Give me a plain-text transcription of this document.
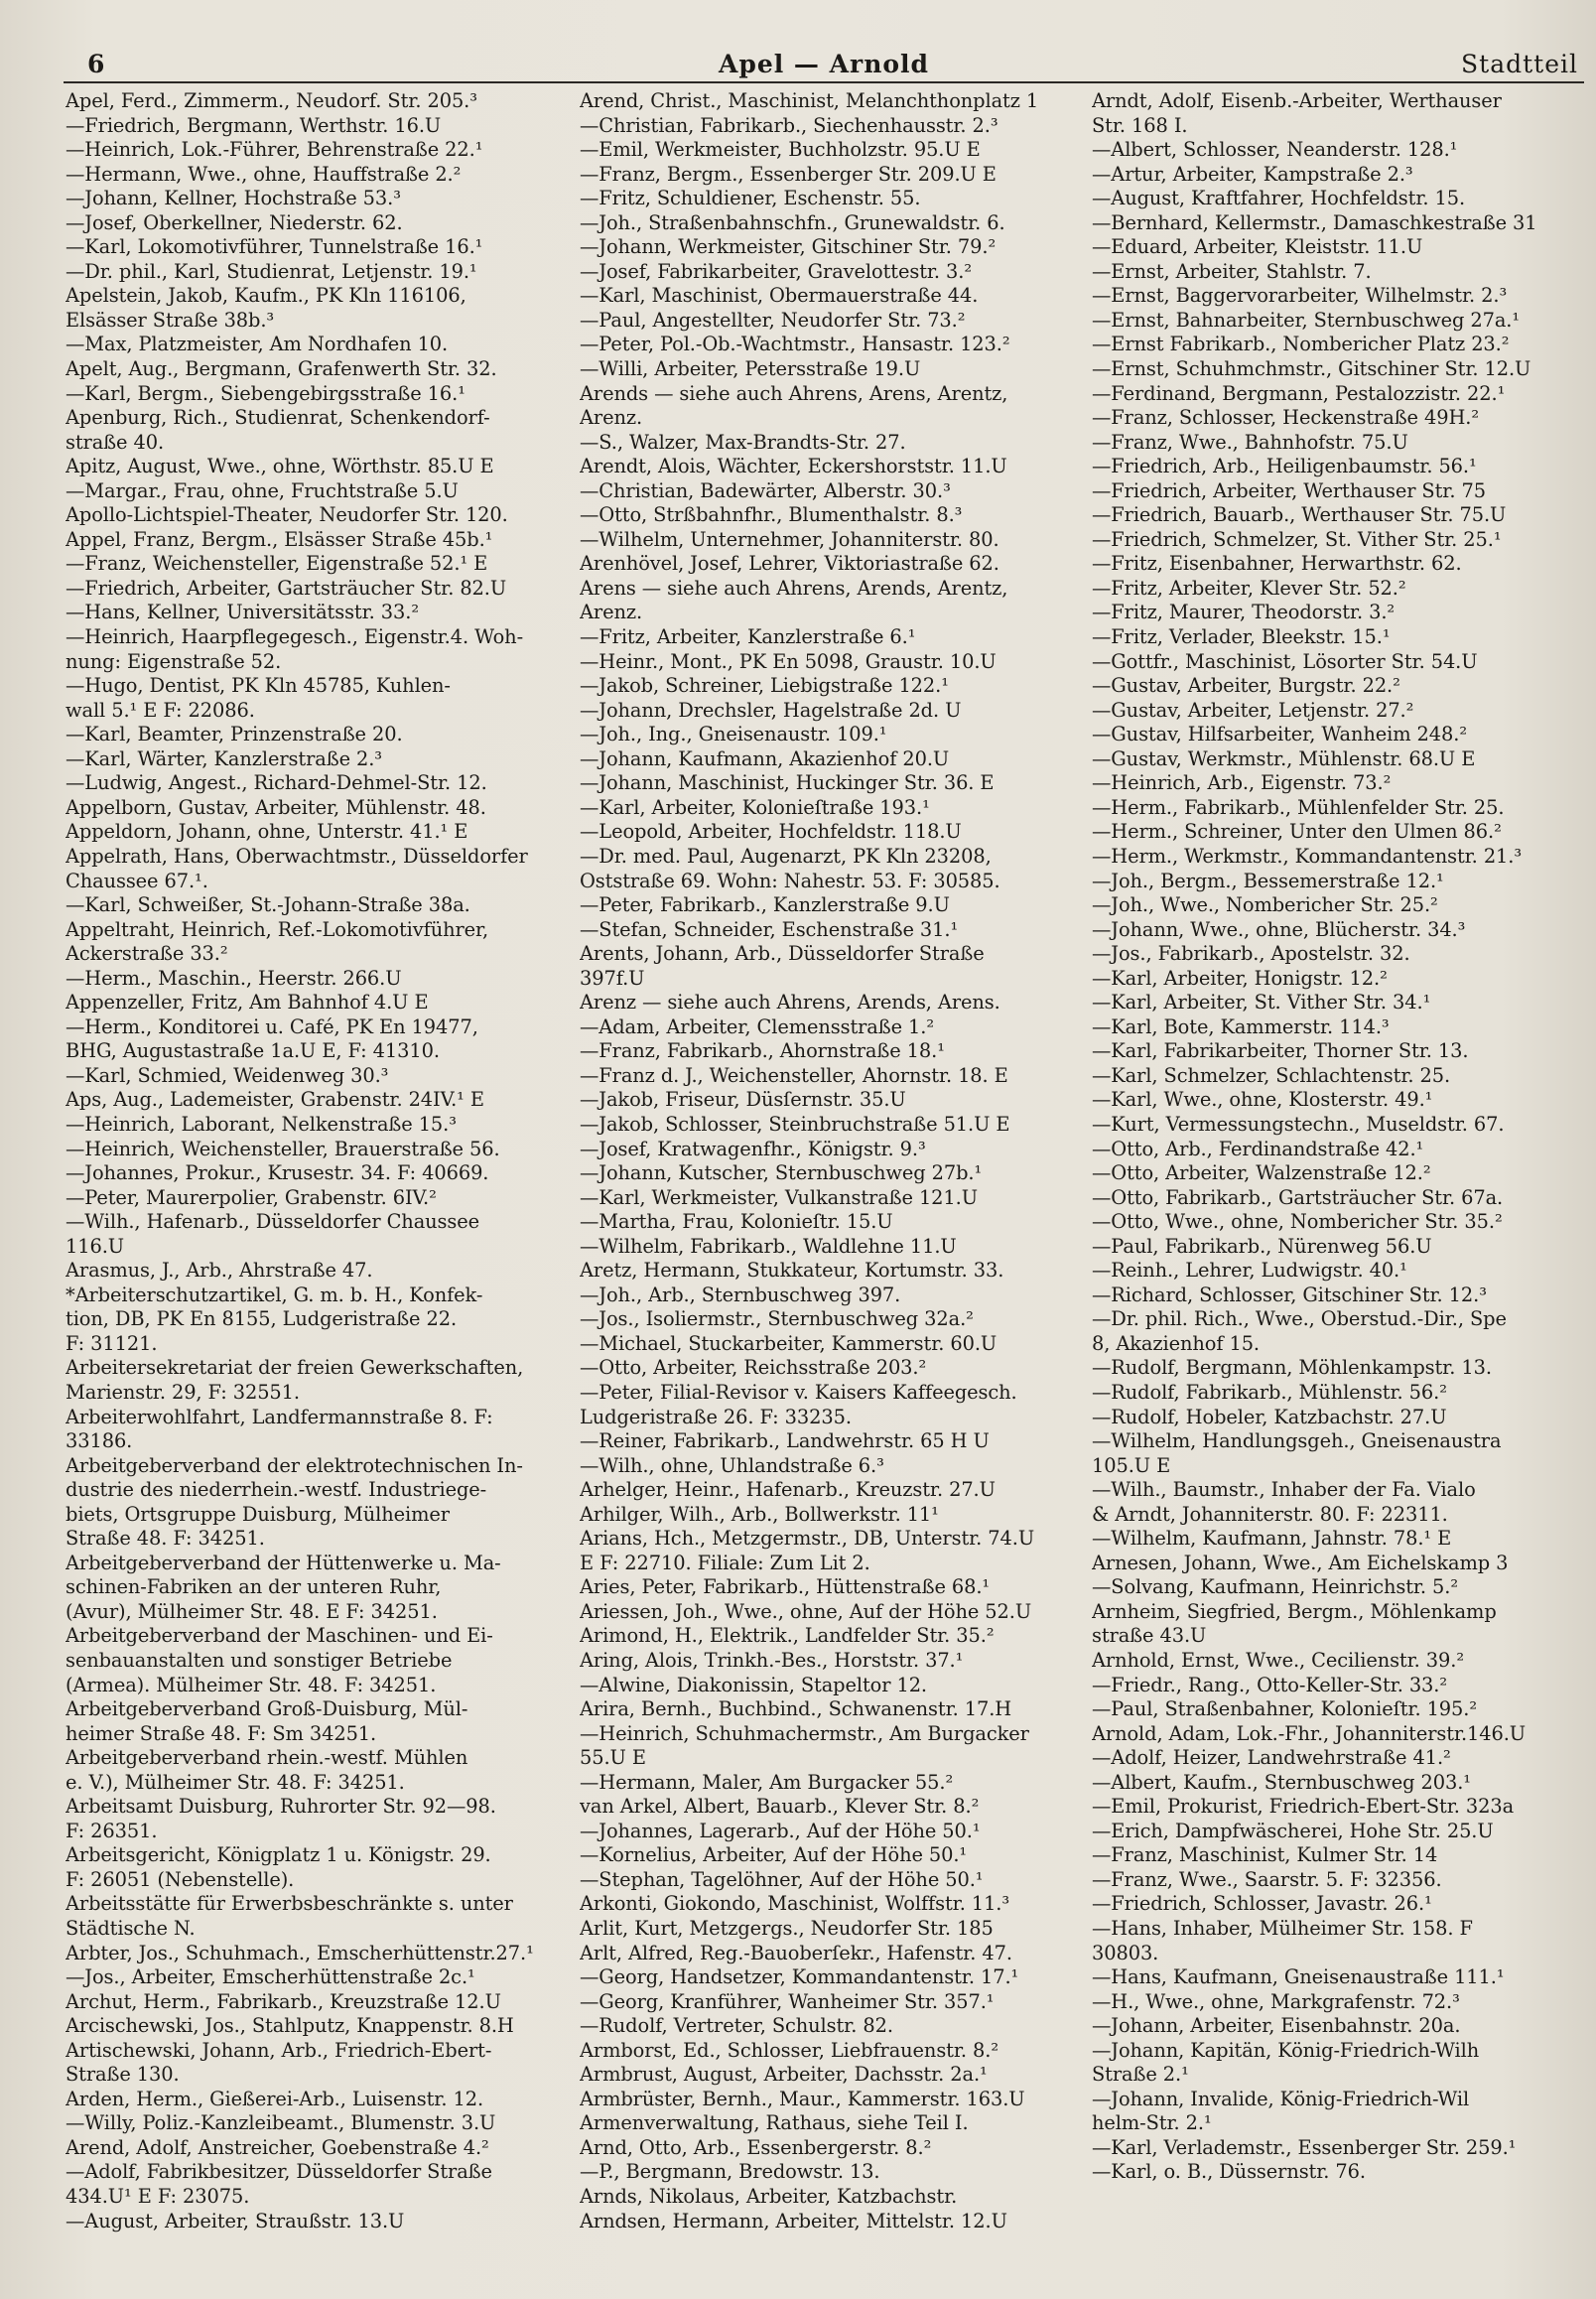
6	Apel — Arnold	Stadtteil
Apel, Ferd., Zimmerm., Neudorf. Str. 205.³
—Friedrich, Bergmann, Werthstr. 16.U
—Heinrich, Lok.-Führer, Behrenstraße 22.¹
—Hermann, Wwe., ohne, Hauffstraße 2.²
—Johann, Kellner, Hochstraße 53.³
—Josef, Oberkellner, Niederstr. 62.
—Karl, Lokomotivführer, Tunnelstraße 16.¹
—Dr. phil., Karl, Studienrat, Letjenstr. 19.¹
Apelstein, Jakob, Kaufm., PK Kln 116106,
Elsässer Straße 38b.³
—Max, Platzmeister, Am Nordhafen 10.
Apelt, Aug., Bergmann, Grafenwerth Str. 32.
—Karl, Bergm., Siebengebirgsstraße 16.¹
Apenburg, Rich., Studienrat, Schenkendorf-
straße 40.
Apitz, August, Wwe., ohne, Wörthstr. 85.U E
—Margar., Frau, ohne, Fruchtstraße 5.U
Apollo-Lichtspiel-Theater, Neudorfer Str. 120.
Appel, Franz, Bergm., Elsässer Straße 45b.¹
—Franz, Weichensteller, Eigenstraße 52.¹ E
—Friedrich, Arbeiter, Gartsträucher Str. 82.U
—Hans, Kellner, Universitätsstr. 33.²
—Heinrich, Haarpflegegesch., Eigenstr.4. Woh-
nung: Eigenstraße 52.
—Hugo, Dentist, PK Kln 45785, Kuhlen-
wall 5.¹ E F: 22086.
—Karl, Beamter, Prinzenstraße 20.
—Karl, Wärter, Kanzlerstraße 2.³
—Ludwig, Angest., Richard-Dehmel-Str. 12.
Appelborn, Gustav, Arbeiter, Mühlenstr. 48.
Appeldorn, Johann, ohne, Unterstr. 41.¹ E
Appelrath, Hans, Oberwachtmstr., Düsseldorfer
Chaussee 67.¹.
—Karl, Schweißer, St.-Johann-Straße 38a.
Appeltraht, Heinrich, Ref.-Lokomotivführer,
Ackerstraße 33.²
—Herm., Maschin., Heerstr. 266.U
Appenzeller, Fritz, Am Bahnhof 4.U E
—Herm., Konditorei u. Café, PK En 19477,
BHG, Augustastraße 1a.U E, F: 41310.
—Karl, Schmied, Weidenweg 30.³
Aps, Aug., Lademeister, Grabenstr. 24IV.¹ E
—Heinrich, Laborant, Nelkenstraße 15.³
—Heinrich, Weichensteller, Brauerstraße 56.
—Johannes, Prokur., Krusestr. 34. F: 40669.
—Peter, Maurerpolier, Grabenstr. 6IV.²
—Wilh., Hafenarb., Düsseldorfer Chaussee
116.U
Arasmus, J., Arb., Ahrstraße 47.
*Arbeiterschutzartikel, G. m. b. H., Konfek-
tion, DB, PK En 8155, Ludgeristraße 22.
F: 31121.
Arbeitersekretariat der freien Gewerkschaften,
Marienstr. 29, F: 32551.
Arbeiterwohlfahrt, Landfermannstraße 8. F:
33186.
Arbeitgeberverband der elektrotechnischen In-
dustrie des niederrhein.-westf. Industriege-
biets, Ortsgruppe Duisburg, Mülheimer
Straße 48. F: 34251.
Arbeitgeberverband der Hüttenwerke u. Ma-
schinen-Fabriken an der unteren Ruhr,
(Avur), Mülheimer Str. 48. E F: 34251.
Arbeitgeberverband der Maschinen- und Ei-
senbauanstalten und sonstiger Betriebe
(Armea). Mülheimer Str. 48. F: 34251.
Arbeitgeberverband Groß-Duisburg, Mül-
heimer Straße 48. F: Sm 34251.
Arbeitgeberverband rhein.-westf. Mühlen
e. V.), Mülheimer Str. 48. F: 34251.
Arbeitsamt Duisburg, Ruhrorter Str. 92—98.
F: 26351.
Arbeitsgericht, Königplatz 1 u. Königstr. 29.
F: 26051 (Nebenstelle).
Arbeitsstätte für Erwerbsbeschränkte s. unter
Städtische N.
Arbter, Jos., Schuhmach., Emscherhüttenstr.27.¹
—Jos., Arbeiter, Emscherhüttenstraße 2c.¹
Archut, Herm., Fabrikarb., Kreuzstraße 12.U
Arcischewski, Jos., Stahlputz, Knappenstr. 8.H
Artischewski, Johann, Arb., Friedrich-Ebert-
Straße 130.
Arden, Herm., Gießerei-Arb., Luisenstr. 12.
—Willy, Poliz.-Kanzleibeamt., Blumenstr. 3.U
Arend, Adolf, Anstreicher, Goebenstraße 4.²
—Adolf, Fabrikbesitzer, Düsseldorfer Straße
434.U¹ E F: 23075.
—August, Arbeiter, Straußstr. 13.U
Arend, Christ., Maschinist, Melanchthonplatz 1
—Christian, Fabrikarb., Siechenhausstr. 2.³
—Emil, Werkmeister, Buchholzstr. 95.U E
—Franz, Bergm., Essenberger Str. 209.U E
—Fritz, Schuldiener, Eschenstr. 55.
—Joh., Straßenbahnschfn., Grunewaldstr. 6.
—Johann, Werkmeister, Gitschiner Str. 79.²
—Josef, Fabrikarbeiter, Gravelottestr. 3.²
—Karl, Maschinist, Obermauerstraße 44.
—Paul, Angestellter, Neudorfer Str. 73.²
—Peter, Pol.-Ob.-Wachtmstr., Hansastr. 123.²
—Willi, Arbeiter, Petersstraße 19.U
Arends — siehe auch Ahrens, Arens, Arentz,
Arenz.
—S., Walzer, Max-Brandts-Str. 27.
Arendt, Alois, Wächter, Eckershorststr. 11.U
—Christian, Badewärter, Alberstr. 30.³
—Otto, Strßbahnfhr., Blumenthalstr. 8.³
—Wilhelm, Unternehmer, Johanniterstr. 80.
Arenhövel, Josef, Lehrer, Viktoriastraße 62.
Arens — siehe auch Ahrens, Arends, Arentz,
Arenz.
—Fritz, Arbeiter, Kanzlerstraße 6.¹
—Heinr., Mont., PK En 5098, Graustr. 10.U
—Jakob, Schreiner, Liebigstraße 122.¹
—Johann, Drechsler, Hagelstraße 2d. U
—Joh., Ing., Gneisenaustr. 109.¹
—Johann, Kaufmann, Akazienhof 20.U
—Johann, Maschinist, Huckinger Str. 36. E
—Karl, Arbeiter, Kolonieſtraße 193.¹
—Leopold, Arbeiter, Hochfeldstr. 118.U
—Dr. med. Paul, Augenarzt, PK Kln 23208,
Oststraße 69. Wohn: Nahestr. 53. F: 30585.
—Peter, Fabrikarb., Kanzlerstraße 9.U
—Stefan, Schneider, Eschenstraße 31.¹
Arents, Johann, Arb., Düsseldorfer Straße
397f.U
Arenz — siehe auch Ahrens, Arends, Arens.
—Adam, Arbeiter, Clemensstraße 1.²
—Franz, Fabrikarb., Ahornstraße 18.¹
—Franz d. J., Weichensteller, Ahornstr. 18. E
—Jakob, Friseur, Düsſernstr. 35.U
—Jakob, Schlosser, Steinbruchstraße 51.U E
—Josef, Kratwagenfhr., Königstr. 9.³
—Johann, Kutscher, Sternbuschweg 27b.¹
—Karl, Werkmeister, Vulkanstraße 121.U
—Martha, Frau, Kolonieſtr. 15.U
—Wilhelm, Fabrikarb., Waldlehne 11.U
Aretz, Hermann, Stukkateur, Kortumstr. 33.
—Joh., Arb., Sternbuschweg 397.
—Jos., Isoliermstr., Sternbuschweg 32a.²
—Michael, Stuckarbeiter, Kammerstr. 60.U
—Otto, Arbeiter, Reichsstraße 203.²
—Peter, Filial-Revisor v. Kaisers Kaffeegesch.
Ludgeristraße 26. F: 33235.
—Reiner, Fabrikarb., Landwehrstr. 65 H U
—Wilh., ohne, Uhlandstraße 6.³
Arhelger, Heinr., Hafenarb., Kreuzstr. 27.U
Arhilger, Wilh., Arb., Bollwerkstr. 11¹
Arians, Hch., Metzgermstr., DB, Unterstr. 74.U
E F: 22710. Filiale: Zum Lit 2.
Aries, Peter, Fabrikarb., Hüttenstraße 68.¹
Ariessen, Joh., Wwe., ohne, Auf der Höhe 52.U
Arimond, H., Elektrik., Landfelder Str. 35.²
Aring, Alois, Trinkh.-Bes., Horststr. 37.¹
—Alwine, Diakonissin, Stapeltor 12.
Arira, Bernh., Buchbind., Schwanenstr. 17.H
—Heinrich, Schuhmachermstr., Am Burgacker
55.U E
—Hermann, Maler, Am Burgacker 55.²
van Arkel, Albert, Bauarb., Klever Str. 8.²
—Johannes, Lagerarb., Auf der Höhe 50.¹
—Kornelius, Arbeiter, Auf der Höhe 50.¹
—Stephan, Tagelöhner, Auf der Höhe 50.¹
Arkonti, Giokondo, Maschinist, Wolffstr. 11.³
Arlit, Kurt, Metzgergs., Neudorfer Str. 185
Arlt, Alfred, Reg.-Bauoberſekr., Hafenstr. 47.
—Georg, Handsetzer, Kommandantenstr. 17.¹
—Georg, Kranführer, Wanheimer Str. 357.¹
—Rudolf, Vertreter, Schulstr. 82.
Armborst, Ed., Schlosser, Liebfrauenstr. 8.²
Armbrust, August, Arbeiter, Dachsstr. 2a.¹
Armbrüster, Bernh., Maur., Kammerstr. 163.U
Armenverwaltung, Rathaus, siehe Teil I.
Arnd, Otto, Arb., Essenbergerstr. 8.²
—P., Bergmann, Bredowstr. 13.
Arnds, Nikolaus, Arbeiter, Katzbachstr.
Arndsen, Hermann, Arbeiter, Mittelstr. 12.U
Arndt, Adolf, Eisenb.-Arbeiter, Werthauser
Str. 168 I.
—Albert, Schlosser, Neanderstr. 128.¹
—Artur, Arbeiter, Kampstraße 2.³
—August, Kraftfahrer, Hochfeldstr. 15.
—Bernhard, Kellermstr., Damaschkestraße 31
—Eduard, Arbeiter, Kleiststr. 11.U
—Ernst, Arbeiter, Stahlstr. 7.
—Ernst, Baggervorarbeiter, Wilhelmstr. 2.³
—Ernst, Bahnarbeiter, Sternbuschweg 27a.¹
—Ernst Fabrikarb., Nombericher Platz 23.²
—Ernst, Schuhmchmstr., Gitschiner Str. 12.U
—Ferdinand, Bergmann, Pestalozzistr. 22.¹
—Franz, Schlosser, Heckenstraße 49H.²
—Franz, Wwe., Bahnhofstr. 75.U
—Friedrich, Arb., Heiligenbaumstr. 56.¹
—Friedrich, Arbeiter, Werthauser Str. 75
—Friedrich, Bauarb., Werthauser Str. 75.U
—Friedrich, Schmelzer, St. Vither Str. 25.¹
—Fritz, Eisenbahner, Herwarthstr. 62.
—Fritz, Arbeiter, Klever Str. 52.²
—Fritz, Maurer, Theodorstr. 3.²
—Fritz, Verlader, Bleekstr. 15.¹
—Gottfr., Maschinist, Lösorter Str. 54.U
—Gustav, Arbeiter, Burgstr. 22.²
—Gustav, Arbeiter, Letjenstr. 27.²
—Gustav, Hilfsarbeiter, Wanheim 248.²
—Gustav, Werkmstr., Mühlenstr. 68.U E
—Heinrich, Arb., Eigenstr. 73.²
—Herm., Fabrikarb., Mühlenfelder Str. 25.
—Herm., Schreiner, Unter den Ulmen 86.²
—Herm., Werkmstr., Kommandantenstr. 21.³
—Joh., Bergm., Bessemerstraße 12.¹
—Joh., Wwe., Nombericher Str. 25.²
—Johann, Wwe., ohne, Blücherstr. 34.³
—Jos., Fabrikarb., Apostelstr. 32.
—Karl, Arbeiter, Honigstr. 12.²
—Karl, Arbeiter, St. Vither Str. 34.¹
—Karl, Bote, Kammerstr. 114.³
—Karl, Fabrikarbeiter, Thorner Str. 13.
—Karl, Schmelzer, Schlachtenstr. 25.
—Karl, Wwe., ohne, Klosterstr. 49.¹
—Kurt, Vermessungstechn., Museldstr. 67.
—Otto, Arb., Ferdinandstraße 42.¹
—Otto, Arbeiter, Walzenstraße 12.²
—Otto, Fabrikarb., Gartsträucher Str. 67a.
—Otto, Wwe., ohne, Nombericher Str. 35.²
—Paul, Fabrikarb., Nürenweg 56.U
—Reinh., Lehrer, Ludwigstr. 40.¹
—Richard, Schlosser, Gitschiner Str. 12.³
—Dr. phil. Rich., Wwe., Oberstud.-Dir., Spe
8, Akazienhof 15.
—Rudolf, Bergmann, Möhlenkampstr. 13.
—Rudolf, Fabrikarb., Mühlenstr. 56.²
—Rudolf, Hobeler, Katzbachstr. 27.U
—Wilhelm, Handlungsgeh., Gneisenaustra
105.U E
—Wilh., Baumstr., Inhaber der Fa. Vialo
& Arndt, Johanniterstr. 80. F: 22311.
—Wilhelm, Kaufmann, Jahnstr. 78.¹ E
Arnesen, Johann, Wwe., Am Eichelskamp 3
—Solvang, Kaufmann, Heinrichstr. 5.²
Arnheim, Siegfried, Bergm., Möhlenkamp
straße 43.U
Arnhold, Ernst, Wwe., Cecilienstr. 39.²
—Friedr., Rang., Otto-Keller-Str. 33.²
—Paul, Straßenbahner, Kolonieſtr. 195.²
Arnold, Adam, Lok.-Fhr., Johanniterstr.146.U
—Adolf, Heizer, Landwehrstraße 41.²
—Albert, Kaufm., Sternbuschweg 203.¹
—Emil, Prokurist, Friedrich-Ebert-Str. 323a
—Erich, Dampfwäscherei, Hohe Str. 25.U
—Franz, Maschinist, Kulmer Str. 14
—Franz, Wwe., Saarstr. 5. F: 32356.
—Friedrich, Schlosser, Javastr. 26.¹
—Hans, Inhaber, Mülheimer Str. 158. F
30803.
—Hans, Kaufmann, Gneisenaustraße 111.¹
—H., Wwe., ohne, Markgrafenstr. 72.³
—Johann, Arbeiter, Eisenbahnstr. 20a.
—Johann, Kapitän, König-Friedrich-Wilh
Straße 2.¹
—Johann, Invalide, König-Friedrich-Wil
helm-Str. 2.¹
—Karl, Verlademstr., Essenberger Str. 259.¹
—Karl, o. B., Düssernstr. 76.
